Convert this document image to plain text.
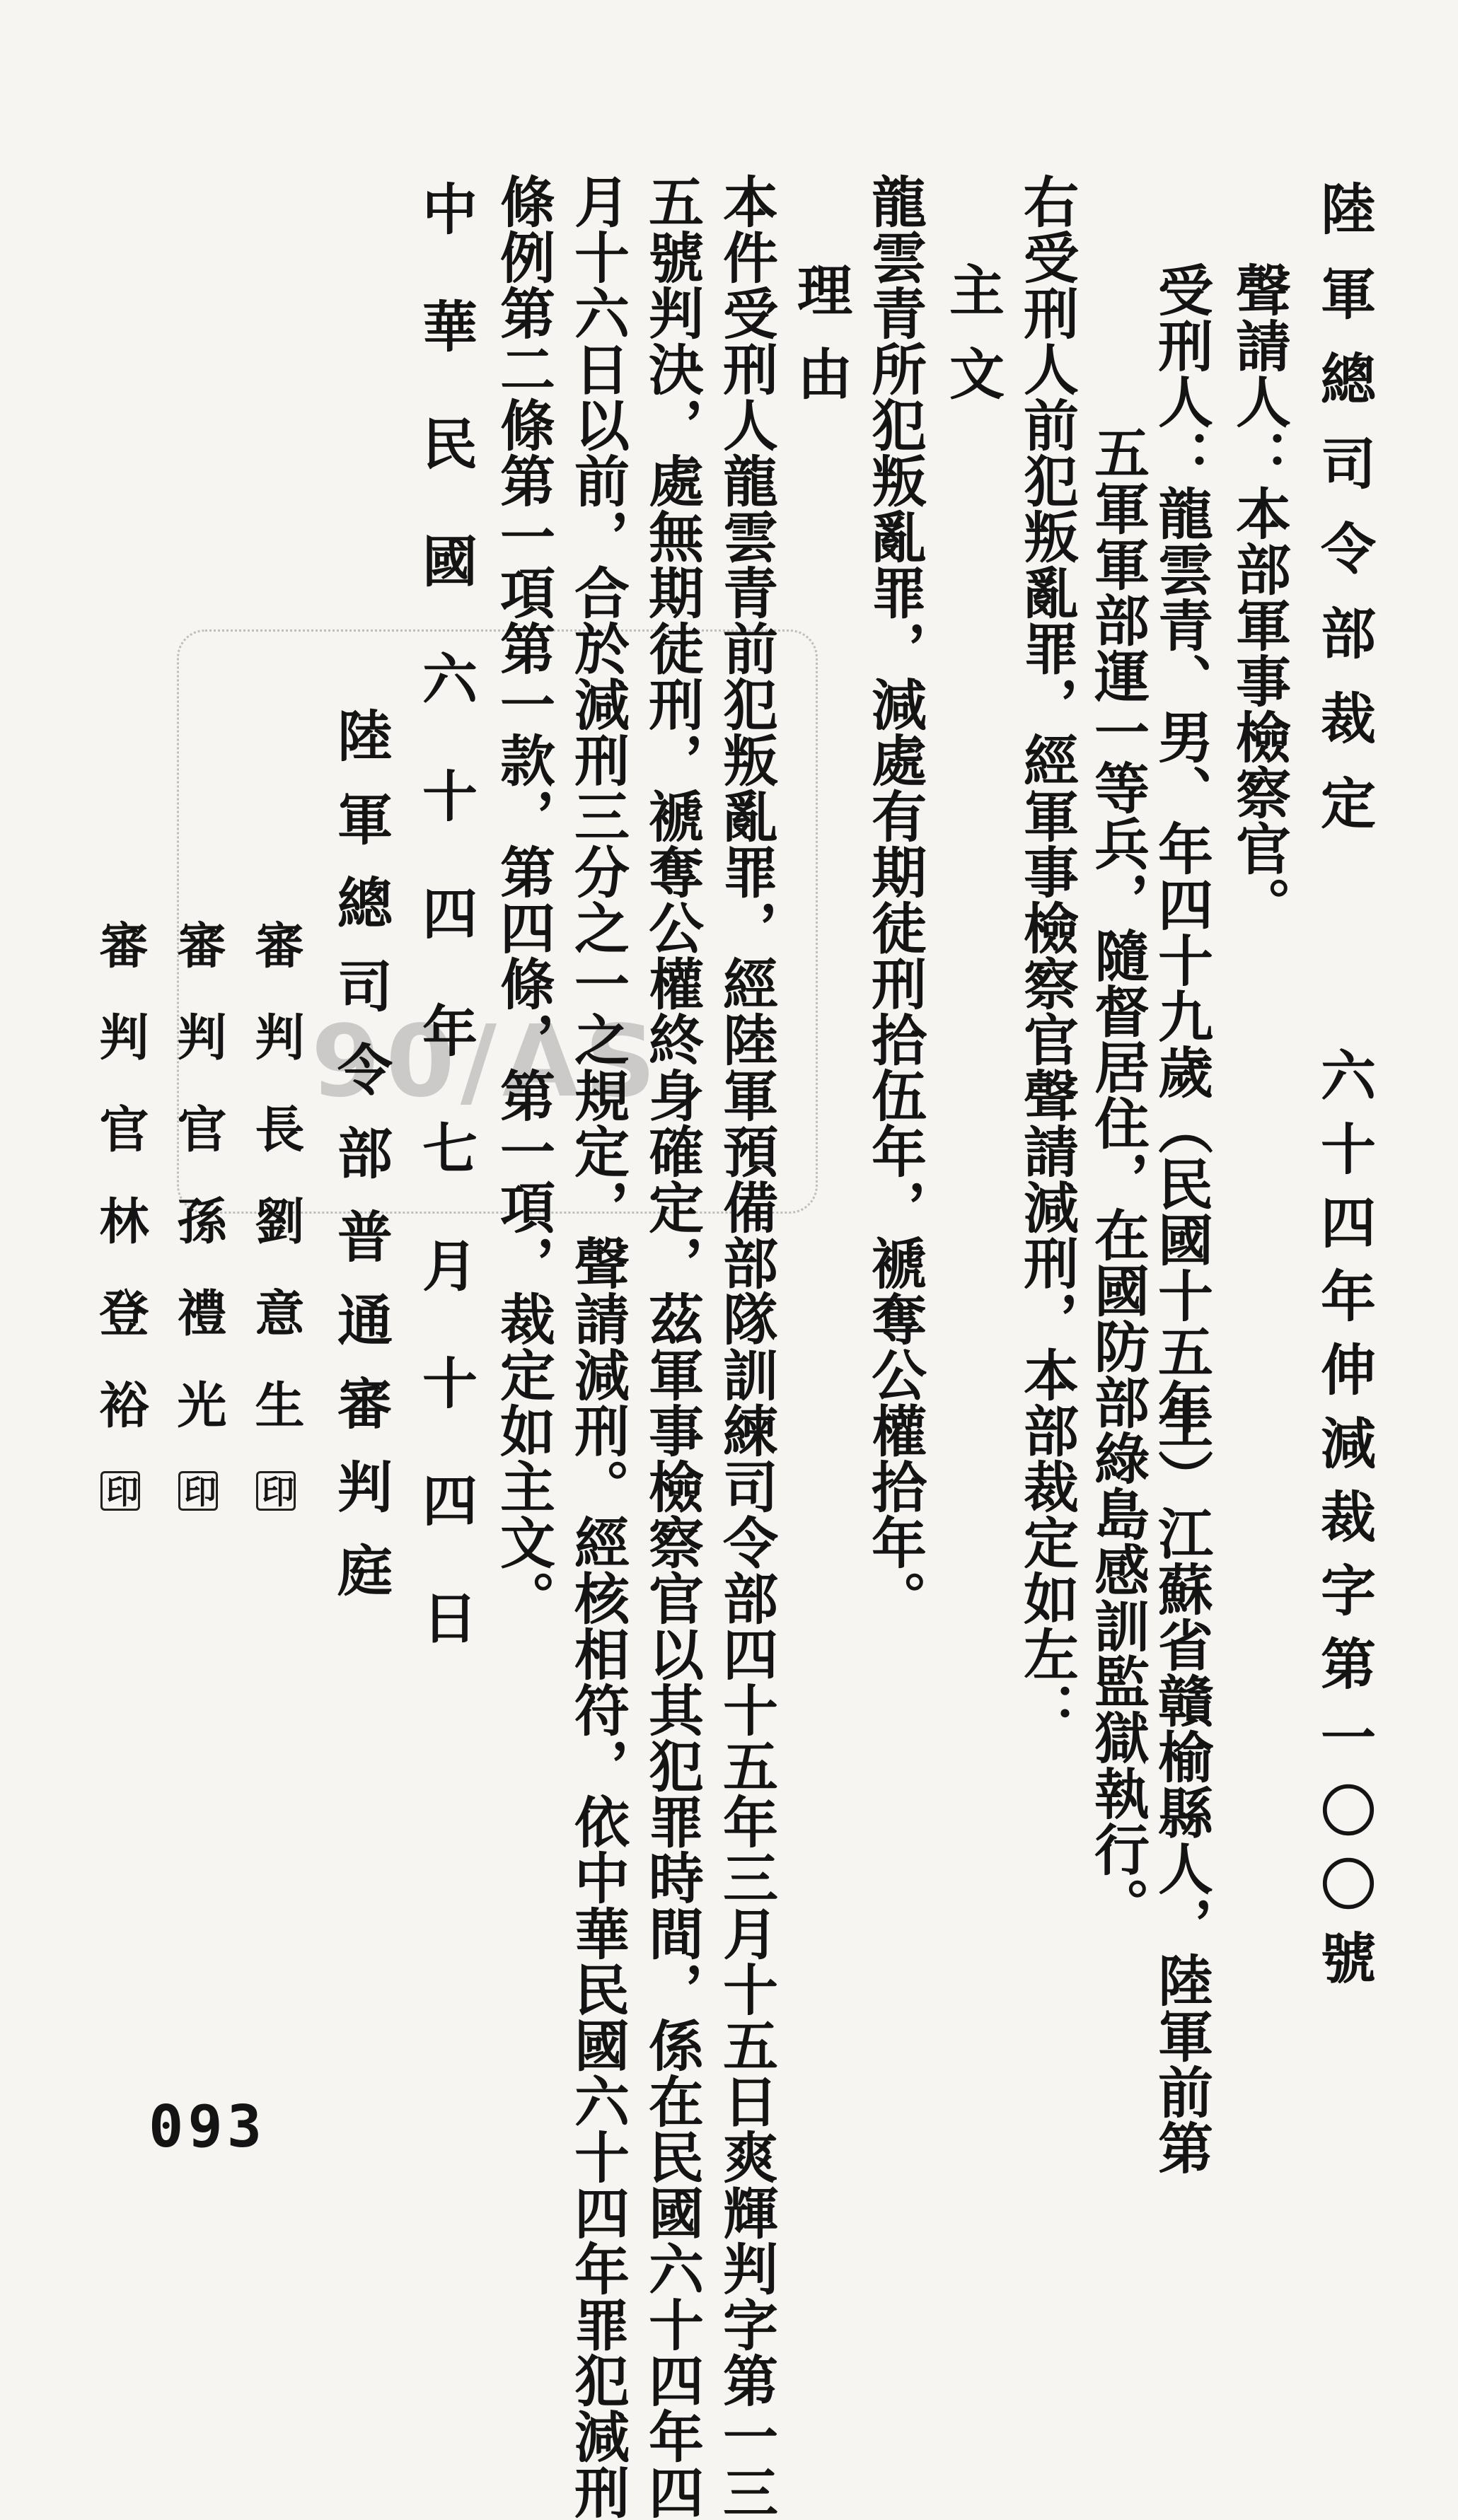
90/AS
陸軍總司令部裁定
六十四年伸減裁字第一〇〇號
聲請人：本部軍事檢察官。
受刑人：龍雲青、男、年四十九歲（民國十五年
生）江蘇省贛榆縣人，陸軍前第
五軍軍部運一等兵，隨督居住，在國防部綠島感訓監獄執行。
右受刑人前犯叛亂罪，經軍事檢察官聲請減刑，本部裁定如左：
主文
龍雲青所犯叛亂罪，減處有期徒刑拾伍年，褫奪公權拾年。
理由
本件受刑人龍雲青前犯叛亂罪，經陸軍預備部隊訓練司令部四十五年三月十五日爽輝判字第一三
五號判決，處無期徒刑，褫奪公權終身確定，茲軍事檢察官以其犯罪時間，係在民國六十四年四
月十六日以前，合於減刑三分之一之規定，聲請減刑。經核相符，依中華民國六十四年罪犯減刑
條例第二條第一項第一款，第四條，第一項，裁定如主文。
陸軍總司令部普通審判庭
審判長劉意生印
審判官孫禮光印
審判官林登裕印	中華民國六十四年七月十四日
093
